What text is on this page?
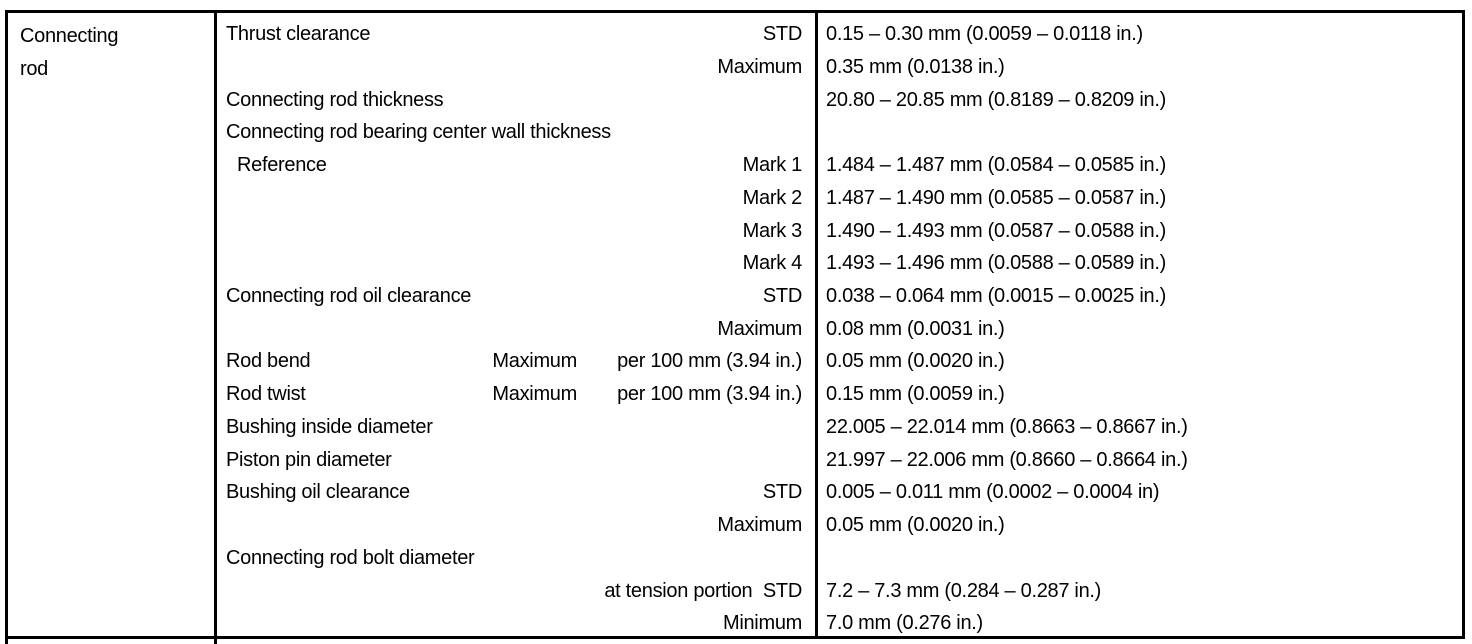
Connecting
rod
Thrust clearance	STD 0.15 – 0.30 mm (0.0059 – 0.0118 in.)
Maximum 0.35 mm (0.0138 in.)
Connecting rod thickness	20.80 – 20.85 mm (0.8189 – 0.8209 in.)
Connecting rod bearing center wall thickness
Reference	Mark 1 1.484 – 1.487 mm (0.0584 – 0.0585 in.)
Mark 2 1.487 – 1.490 mm (0.0585 – 0.0587 in.)
Mark 3 1.490 – 1.493 mm (0.0587 – 0.0588 in.)
Mark 4 1.493 – 1.496 mm (0.0588 – 0.0589 in.)
Connecting rod oil clearance	STD 0.038 – 0.064 mm (0.0015 – 0.0025 in.)
Maximum 0.08 mm (0.0031 in.)
Rod bend	Maximum per 100 mm (3.94 in.) 0.05 mm (0.0020 in.)
Rod twist	Maximum per 100 mm (3.94 in.) 0.15 mm (0.0059 in.)
Bushing inside diameter	22.005 – 22.014 mm (0.8663 – 0.8667 in.)
Piston pin diameter	21.997 – 22.006 mm (0.8660 – 0.8664 in.)
Bushing oil clearance	STD 0.005 – 0.011 mm (0.0002 – 0.0004 in)
Maximum 0.05 mm (0.0020 in.)
Connecting rod bolt diameter
at tension portion  STD 7.2 – 7.3 mm (0.284 – 0.287 in.)
Minimum 7.0 mm (0.276 in.)
